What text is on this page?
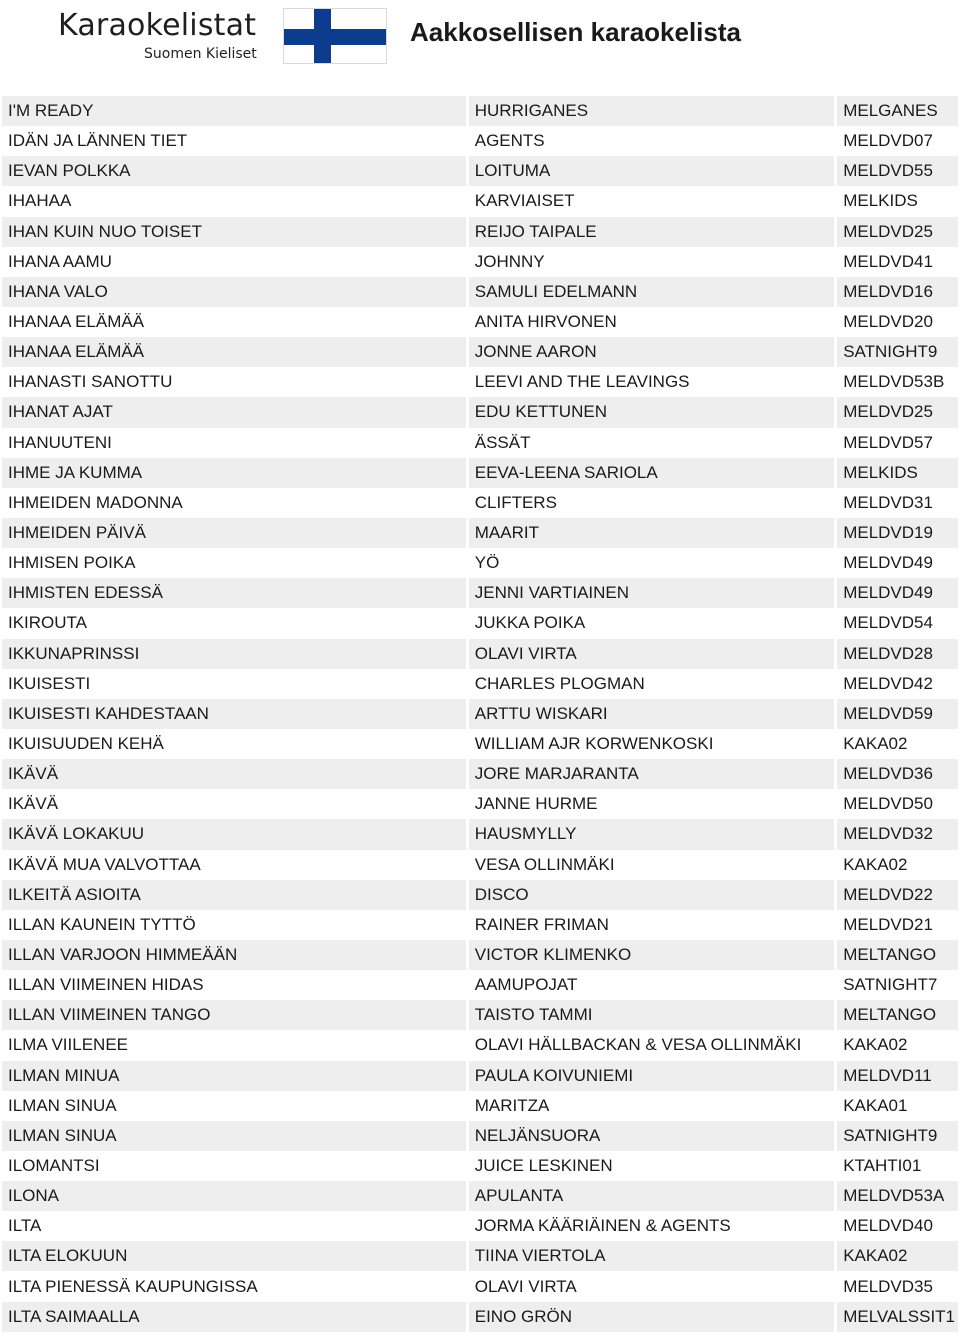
Karaokelistat
Suomen Kieliset
Aakkosellisen karaokelista
I'M READY	HURRIGANES	MELGANES
IDÄN JA LÄNNEN TIET	AGENTS	MELDVD07
IEVAN POLKKA	LOITUMA	MELDVD55
IHAHAA	KARVIAISET	MELKIDS
IHAN KUIN NUO TOISET	REIJO TAIPALE	MELDVD25
IHANA AAMU	JOHNNY	MELDVD41
IHANA VALO	SAMULI EDELMANN	MELDVD16
IHANAA ELÄMÄÄ	ANITA HIRVONEN	MELDVD20
IHANAA ELÄMÄÄ	JONNE AARON	SATNIGHT9
IHANASTI SANOTTU	LEEVI AND THE LEAVINGS	MELDVD53B
IHANAT AJAT	EDU KETTUNEN	MELDVD25
IHANUUTENI	ÄSSÄT	MELDVD57
IHME JA KUMMA	EEVA-LEENA SARIOLA	MELKIDS
IHMEIDEN MADONNA	CLIFTERS	MELDVD31
IHMEIDEN PÄIVÄ	MAARIT	MELDVD19
IHMISEN POIKA	YÖ	MELDVD49
IHMISTEN EDESSÄ	JENNI VARTIAINEN	MELDVD49
IKIROUTA	JUKKA POIKA	MELDVD54
IKKUNAPRINSSI	OLAVI VIRTA	MELDVD28
IKUISESTI	CHARLES PLOGMAN	MELDVD42
IKUISESTI KAHDESTAAN	ARTTU WISKARI	MELDVD59
IKUISUUDEN KEHÄ	WILLIAM AJR KORWENKOSKI	KAKA02
IKÄVÄ	JORE MARJARANTA	MELDVD36
IKÄVÄ	JANNE HURME	MELDVD50
IKÄVÄ LOKAKUU	HAUSMYLLY	MELDVD32
IKÄVÄ MUA VALVOTTAA	VESA OLLINMÄKI	KAKA02
ILKEITÄ ASIOITA	DISCO	MELDVD22
ILLAN KAUNEIN TYTTÖ	RAINER FRIMAN	MELDVD21
ILLAN VARJOON HIMMEÄÄN	VICTOR KLIMENKO	MELTANGO
ILLAN VIIMEINEN HIDAS	AAMUPOJAT	SATNIGHT7
ILLAN VIIMEINEN TANGO	TAISTO TAMMI	MELTANGO
ILMA VIILENEE	OLAVI HÄLLBACKAN & VESA OLLINMÄKI	KAKA02
ILMAN MINUA	PAULA KOIVUNIEMI	MELDVD11
ILMAN SINUA	MARITZA	KAKA01
ILMAN SINUA	NELJÄNSUORA	SATNIGHT9
ILOMANTSI	JUICE LESKINEN	KTAHTI01
ILONA	APULANTA	MELDVD53A
ILTA	JORMA KÄÄRIÄINEN & AGENTS	MELDVD40
ILTA ELOKUUN	TIINA VIERTOLA	KAKA02
ILTA PIENESSÄ KAUPUNGISSA	OLAVI VIRTA	MELDVD35
ILTA SAIMAALLA	EINO GRÖN	MELVALSSIT1
